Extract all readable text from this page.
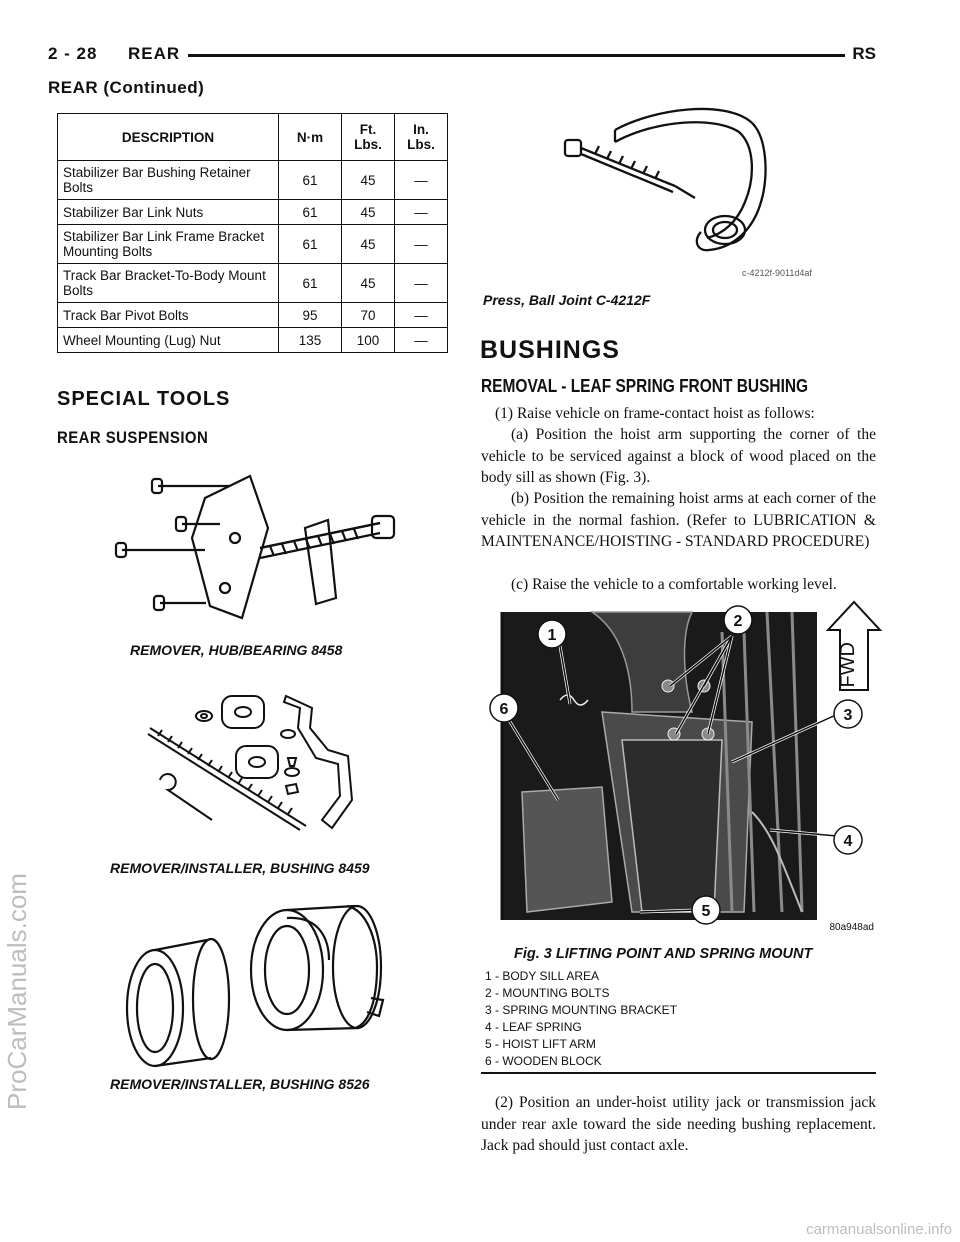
2 - 28 REAR	RS
REAR (Continued)
DESCRIPTION	N·m	Ft. Lbs.	In. Lbs.
Stabilizer Bar Bushing Retainer Bolts	61	45	—
Stabilizer Bar Link Nuts	61	45	—
Stabilizer Bar Link Frame Bracket Mounting Bolts	61	45	—
Track Bar Bracket-To-Body Mount Bolts	61	45	—
Track Bar Pivot Bolts	95	70	—
Wheel Mounting (Lug) Nut	135	100	—
SPECIAL TOOLS
REAR SUSPENSION
REMOVER, HUB/BEARING 8458
REMOVER/INSTALLER, BUSHING 8459
REMOVER/INSTALLER, BUSHING 8526
c-4212f-9011d4af
Press, Ball Joint C-4212F
BUSHINGS
REMOVAL - LEAF SPRING FRONT BUSHING
(1) Raise vehicle on frame-contact hoist as follows:
(a) Position the hoist arm supporting the corner of the vehicle to be serviced against a block of wood placed on the body sill as shown (Fig. 3).
(b) Position the remaining hoist arms at each corner of the vehicle in the normal fashion. (Refer to LUBRICATION & MAINTENANCE/HOISTING - STANDARD PROCEDURE)
(c) Raise the vehicle to a comfortable working level.
FWD
1
2
3
4
5
6
80a948ad
Fig. 3 LIFTING POINT AND SPRING MOUNT
1 - BODY SILL AREA
2 - MOUNTING BOLTS
3 - SPRING MOUNTING BRACKET
4 - LEAF SPRING
5 - HOIST LIFT ARM
6 - WOODEN BLOCK
(2) Position an under-hoist utility jack or transmission jack under rear axle toward the side needing bushing replacement. Jack pad should just contact axle.
ProCarManuals.com
carmanualsonline.info
